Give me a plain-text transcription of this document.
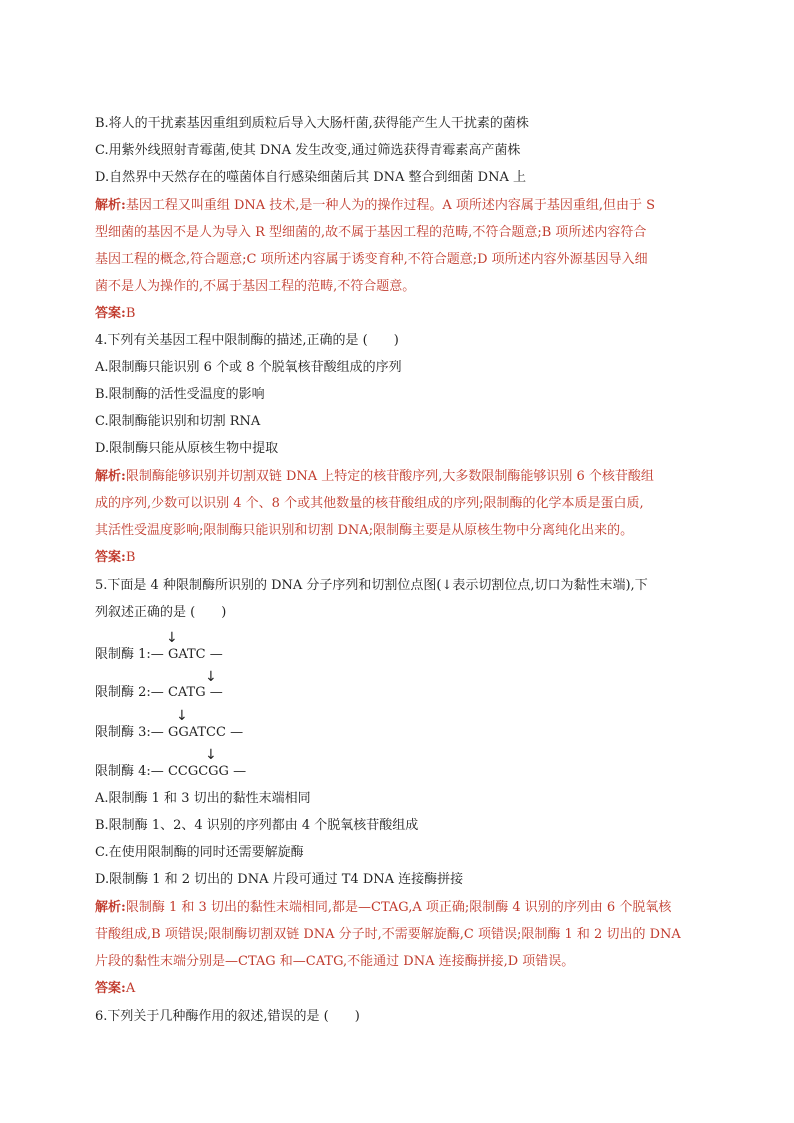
B.将人的干扰素基因重组到质粒后导入大肠杆菌,获得能产生人干扰素的菌株
C.用紫外线照射青霉菌,使其 DNA 发生改变,通过筛选获得青霉素高产菌株
D.自然界中天然存在的噬菌体自行感染细菌后其 DNA 整合到细菌 DNA 上
解析:基因工程又叫重组 DNA 技术,是一种人为的操作过程。A 项所述内容属于基因重组,但由于 S
型细菌的基因不是人为导入 R 型细菌的,故不属于基因工程的范畴,不符合题意;B 项所述内容符合
基因工程的概念,符合题意;C 项所述内容属于诱变育种,不符合题意;D 项所述内容外源基因导入细
菌不是人为操作的,不属于基因工程的范畴,不符合题意。
答案:B
4.下列有关基因工程中限制酶的描述,正确的是 (　　)
A.限制酶只能识别 6 个或 8 个脱氧核苷酸组成的序列
B.限制酶的活性受温度的影响
C.限制酶能识别和切割 RNA
D.限制酶只能从原核生物中提取
解析:限制酶能够识别并切割双链 DNA 上特定的核苷酸序列,大多数限制酶能够识别 6 个核苷酸组
成的序列,少数可以识别 4 个、8 个或其他数量的核苷酸组成的序列;限制酶的化学本质是蛋白质,
其活性受温度影响;限制酶只能识别和切割 DNA;限制酶主要是从原核生物中分离纯化出来的。
答案:B
5.下面是 4 种限制酶所识别的 DNA 分子序列和切割位点图(↓表示切割位点,切口为黏性末端),下
列叙述正确的是 (　　)
↓
限制酶 1:— GATC —
↓
限制酶 2:— CATG —
↓
限制酶 3:— GGATCC —
↓
限制酶 4:— CCGCGG —
A.限制酶 1 和 3 切出的黏性末端相同
B.限制酶 1、2、4 识别的序列都由 4 个脱氧核苷酸组成
C.在使用限制酶的同时还需要解旋酶
D.限制酶 1 和 2 切出的 DNA 片段可通过 T4 DNA 连接酶拼接
解析:限制酶 1 和 3 切出的黏性末端相同,都是—CTAG,A 项正确;限制酶 4 识别的序列由 6 个脱氧核
苷酸组成,B 项错误;限制酶切割双链 DNA 分子时,不需要解旋酶,C 项错误;限制酶 1 和 2 切出的 DNA
片段的黏性末端分别是—CTAG 和—CATG,不能通过 DNA 连接酶拼接,D 项错误。
答案:A
6.下列关于几种酶作用的叙述,错误的是 (　　)
